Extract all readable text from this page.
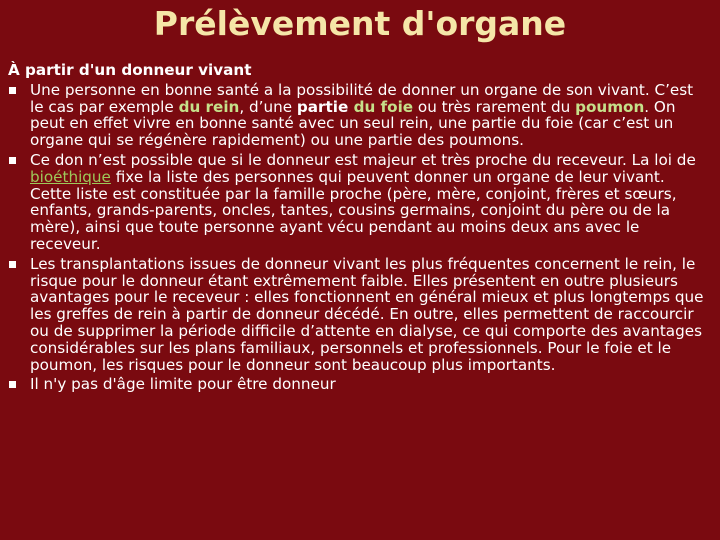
Prélèvement d'organe
À partir d'un donneur vivant
Une personne en bonne santé a la possibilité de donner un organe de son vivant. C’est le cas par exemple du rein, d’une partie du foie ou très rarement du poumon. On peut en effet vivre en bonne santé avec un seul rein, une partie du foie (car c’est un organe qui se régénère rapidement) ou une partie des poumons.
Ce don n’est possible que si le donneur est majeur et très proche du receveur. La loi de bioéthique fixe la liste des personnes qui peuvent donner un organe de leur vivant. Cette liste est constituée par la famille proche (père, mère, conjoint, frères et sœurs, enfants, grands-parents, oncles, tantes, cousins germains, conjoint du père ou de la mère), ainsi que toute personne ayant vécu pendant au moins deux ans avec le receveur.
Les transplantations issues de donneur vivant les plus fréquentes concernent le rein, le risque pour le donneur étant extrêmement faible. Elles présentent en outre plusieurs avantages pour le receveur : elles fonctionnent en général mieux et plus longtemps que les greffes de rein à partir de donneur décédé. En outre, elles permettent de raccourcir ou de supprimer la période difficile d’attente en dialyse, ce qui comporte des avantages considérables sur les plans familiaux, personnels et professionnels. Pour le foie et le poumon, les risques pour le donneur sont beaucoup plus importants.
Il n'y pas d'âge limite pour être donneur
